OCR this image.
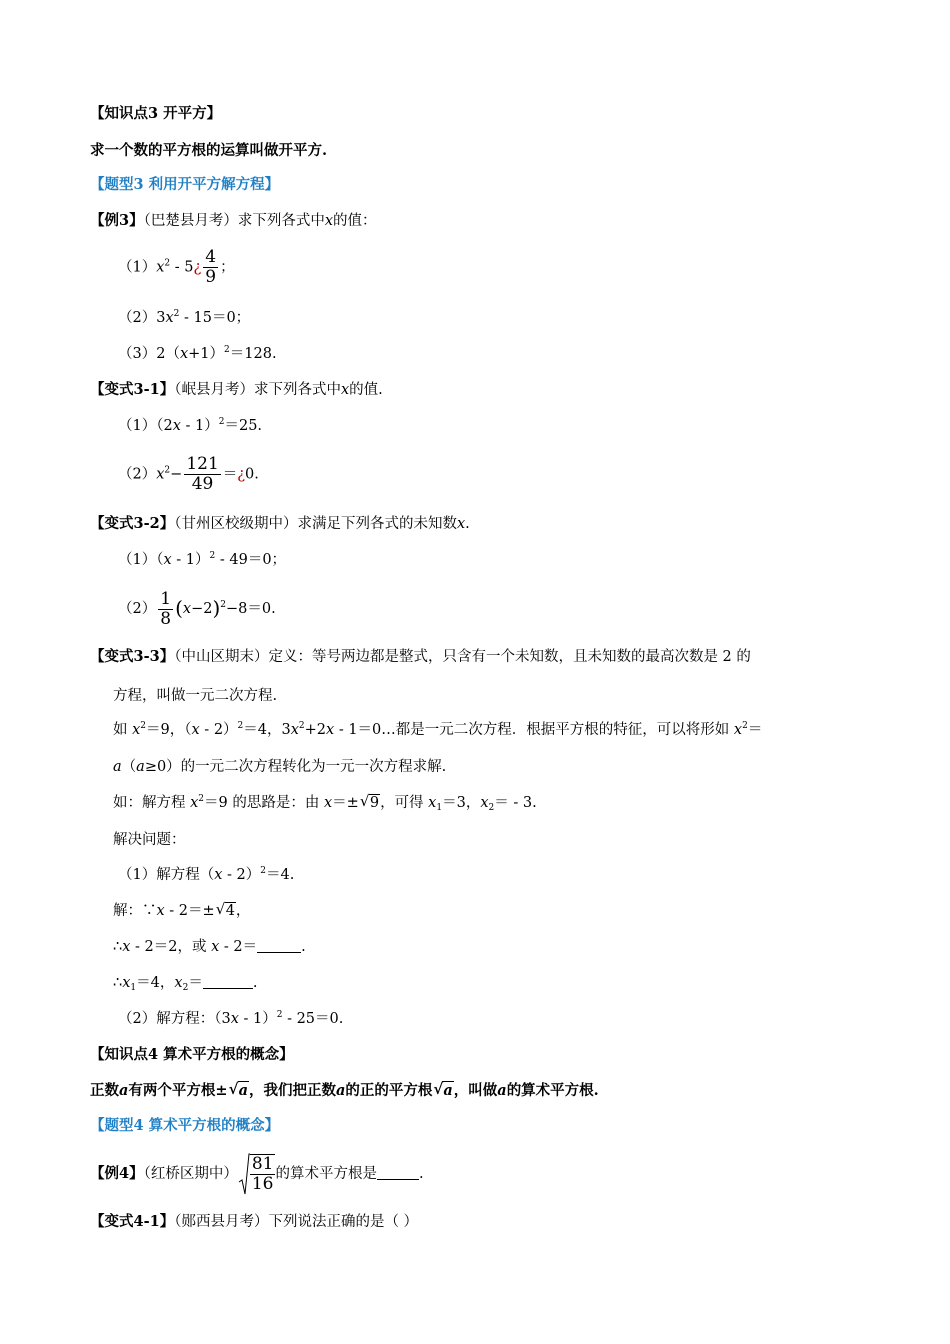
【知识点3 开平方】
求一个数的平方根的运算叫做开平方.
【题型3 利用开平方解方程】
【例3】（巴楚县月考）求下列各式中x的值：
$(1)x^2$ - 5¿ $\frac{4}{9}$ ；
$(2)3x^2 - 15=0$；
$(3)2(x+1)^2=128$.
【变式3-1】（岷县月考）求下列各式中x的值.
（1）（2x - 1）$^2$＝25.
$(2)x^2- \frac{121}{49}$ ＝¿0.
【变式3-2】（甘州区校级期中）求满足下列各式的未知数x.
（1）（x - 1）$^2$ - 49＝0；
$(2) \frac{1}{8} (x-2)^2-8=0$.
【变式3-3】（中山区期末）定义：等号两边都是整式，只含有一个未知数，且未知数的最高次数是 2 的
方程，叫做一元二次方程.
如 $x^2=9$，（x - 2）$^2$＝4，$3x^2+2x$ - 1＝0…都是一元二次方程．根据平方根的特征，可以将形如 $x^2=$
a（a≥0）的一元二次方程转化为一元一次方程求解.
如：解方程 $x^2=9$ 的思路是：由 x＝± √ 9，可得 $x_1=3$，$x_2= - 3$.
解决问题：
（1）解方程（x - 2）$^2$＝4.
解：∵x - 2＝± √ 4，
∴x - 2＝2，或 x - 2＝	.
$\therefore x_1=4$，$x_2=$	.
（2）解方程：（3x - 1）$^2$ - 25＝0.
【知识点4 算术平方根的概念】
正数a有两个平方根± √ a，我们把正数a的正的平方根 √ a，叫做a的算术平方根.
【题型4 算术平方根的概念】
【例4】（红桥区期中） $\frac{81}{16}$ 的算术平方根是	.
【变式4-1】（郧西县月考）下列说法正确的是（ ）
